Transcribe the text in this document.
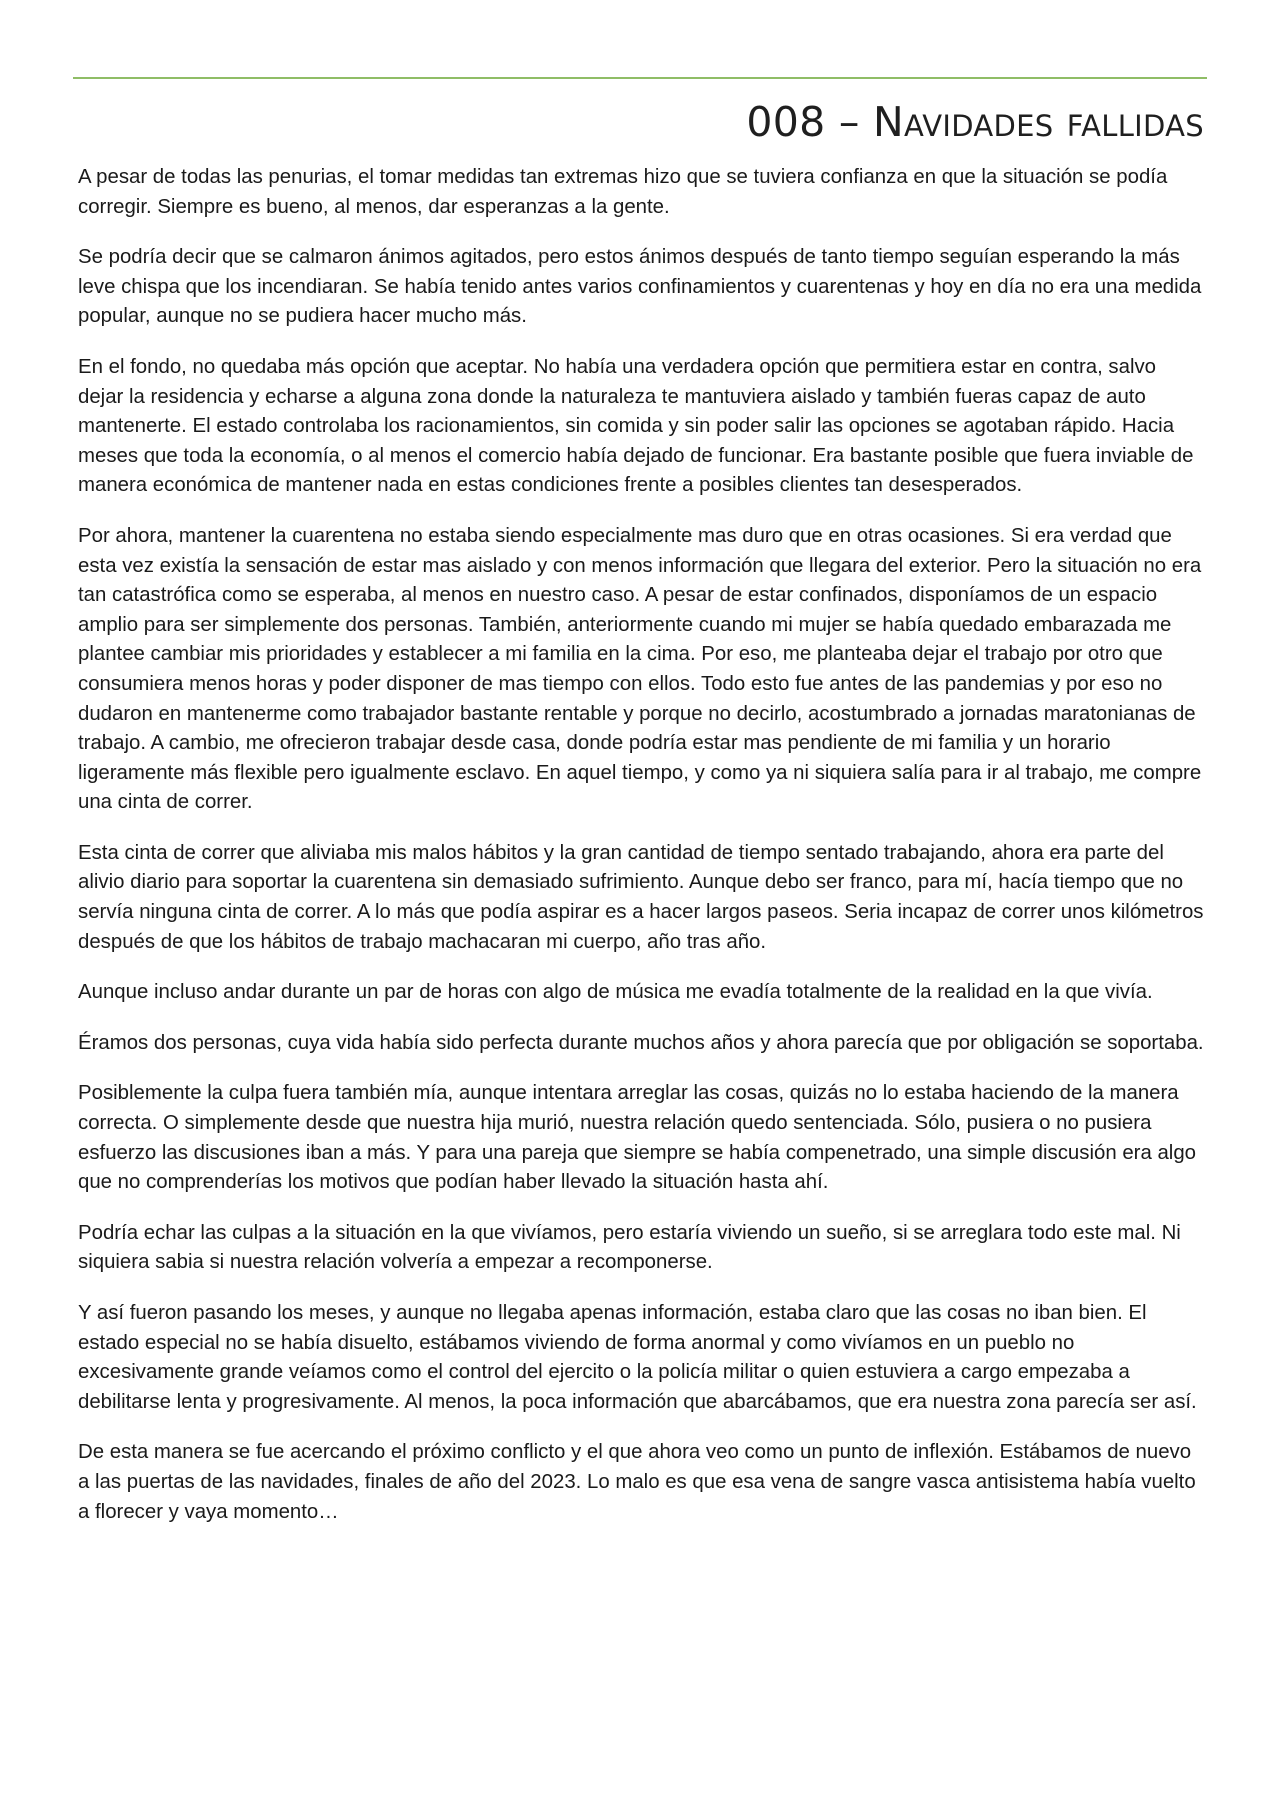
008 – Navidades fallidas

A pesar de todas las penurias, el tomar medidas tan extremas hizo que se tuviera confianza en que la situación se podía corregir. Siempre es bueno, al menos, dar esperanzas a la gente.

Se podría decir que se calmaron ánimos agitados, pero estos ánimos después de tanto tiempo seguían esperando la más leve chispa que los incendiaran. Se había tenido antes varios confinamientos y cuarentenas y hoy en día no era una medida popular, aunque no se pudiera hacer mucho más.

En el fondo, no quedaba más opción que aceptar. No había una verdadera opción que permitiera estar en contra, salvo dejar la residencia y echarse a alguna zona donde la naturaleza te mantuviera aislado y también fueras capaz de auto mantenerte. El estado controlaba los racionamientos, sin comida y sin poder salir las opciones se agotaban rápido. Hacia meses que toda la economía, o al menos el comercio había dejado de funcionar. Era bastante posible que fuera inviable de manera económica de mantener nada en estas condiciones frente a posibles clientes tan desesperados.

Por ahora, mantener la cuarentena no estaba siendo especialmente mas duro que en otras ocasiones. Si era verdad que esta vez existía la sensación de estar mas aislado y con menos información que llegara del exterior. Pero la situación no era tan catastrófica como se esperaba, al menos en nuestro caso. A pesar de estar confinados, disponíamos de un espacio amplio para ser simplemente dos personas. También, anteriormente cuando mi mujer se había quedado embarazada me plantee cambiar mis prioridades y establecer a mi familia en la cima. Por eso, me planteaba dejar el trabajo por otro que consumiera menos horas y poder disponer de mas tiempo con ellos. Todo esto fue antes de las pandemias y por eso no dudaron en mantenerme como trabajador bastante rentable y porque no decirlo, acostumbrado a jornadas maratonianas de trabajo. A cambio, me ofrecieron trabajar desde casa, donde podría estar mas pendiente de mi familia y un horario ligeramente más flexible pero igualmente esclavo. En aquel tiempo, y como ya ni siquiera salía para ir al trabajo, me compre una cinta de correr.

Esta cinta de correr que aliviaba mis malos hábitos y la gran cantidad de tiempo sentado trabajando, ahora era parte del alivio diario para soportar la cuarentena sin demasiado sufrimiento. Aunque debo ser franco, para mí, hacía tiempo que no servía ninguna cinta de correr. A lo más que podía aspirar es a hacer largos paseos. Seria incapaz de correr unos kilómetros después de que los hábitos de trabajo machacaran mi cuerpo, año tras año.

Aunque incluso andar durante un par de horas con algo de música me evadía totalmente de la realidad en la que vivía.

Éramos dos personas, cuya vida había sido perfecta durante muchos años y ahora parecía que por obligación se soportaba.

Posiblemente la culpa fuera también mía, aunque intentara arreglar las cosas, quizás no lo estaba haciendo de la manera correcta. O simplemente desde que nuestra hija murió, nuestra relación quedo sentenciada. Sólo, pusiera o no pusiera esfuerzo las discusiones iban a más. Y para una pareja que siempre se había compenetrado, una simple discusión era algo que no comprenderías los motivos que podían haber llevado la situación hasta ahí.

Podría echar las culpas a la situación en la que vivíamos, pero estaría viviendo un sueño, si se arreglara todo este mal. Ni siquiera sabia si nuestra relación volvería a empezar a recomponerse.

Y así fueron pasando los meses, y aunque no llegaba apenas información, estaba claro que las cosas no iban bien. El estado especial no se había disuelto, estábamos viviendo de forma anormal y como vivíamos en un pueblo no excesivamente grande veíamos como el control del ejercito o la policía militar o quien estuviera a cargo empezaba a debilitarse lenta y progresivamente. Al menos, la poca información que abarcábamos, que era nuestra zona parecía ser así.

De esta manera se fue acercando el próximo conflicto y el que ahora veo como un punto de inflexión. Estábamos de nuevo a las puertas de las navidades, finales de año del 2023. Lo malo es que esa vena de sangre vasca antisistema había vuelto a florecer y vaya momento…
